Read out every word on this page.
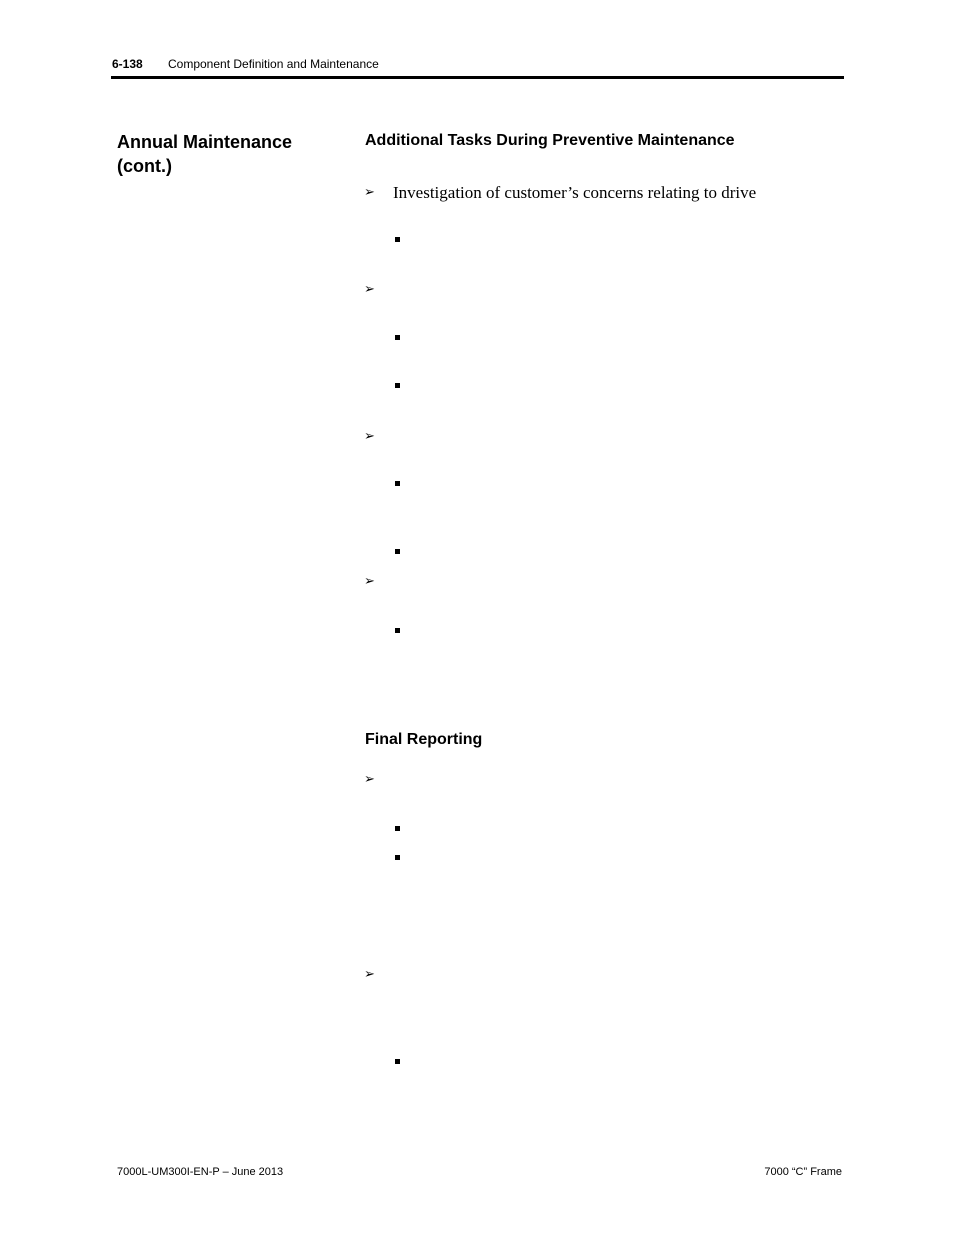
6-138 Component Definition and Maintenance
Annual Maintenance (cont.)
Additional Tasks During Preventive Maintenance
➢ Investigation of customer’s concerns relating to drive
➢
➢
➢
Final Reporting
➢
➢
7000L-UM300I-EN-P – June 2013	7000 “C” Frame
